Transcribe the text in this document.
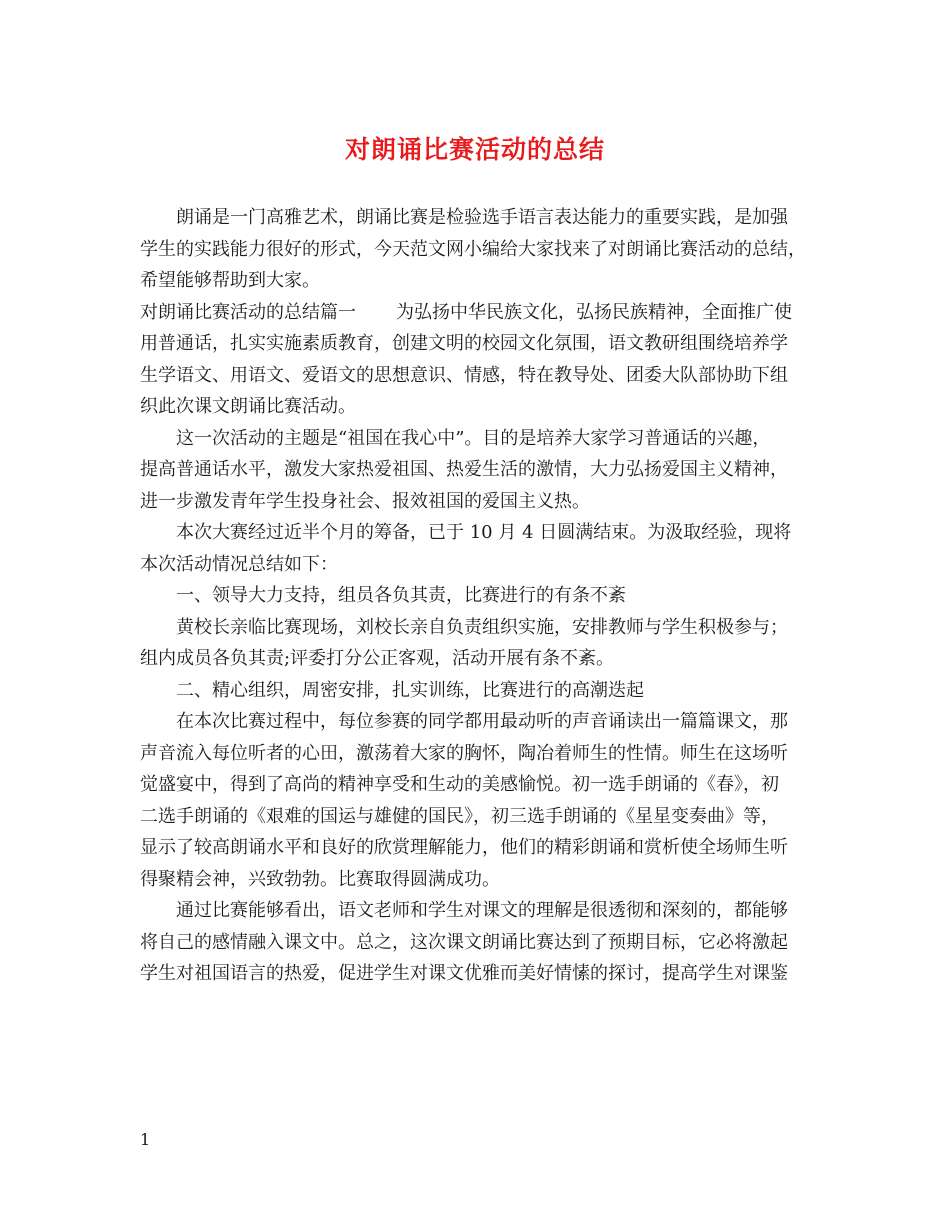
对朗诵比赛活动的总结
朗诵是一门高雅艺术，朗诵比赛是检验选手语言表达能力的重要实践，是加强
学生的实践能力很好的形式，今天范文网小编给大家找来了对朗诵比赛活动的总结，
希望能够帮助到大家。
对朗诵比赛活动的总结篇一 为弘扬中华民族文化，弘扬民族精神，全面推广使
用普通话，扎实实施素质教育，创建文明的校园文化氛围，语文教研组围绕培养学
生学语文、用语文、爱语文的思想意识、情感，特在教导处、团委大队部协助下组
织此次课文朗诵比赛活动。
这一次活动的主题是“祖国在我心中”。目的是培养大家学习普通话的兴趣，
提高普通话水平，激发大家热爱祖国、热爱生活的激情，大力弘扬爱国主义精神，
进一步激发青年学生投身社会、报效祖国的爱国主义热。
本次大赛经过近半个月的筹备，已于 10 月 4 日圆满结束。为汲取经验，现将
本次活动情况总结如下：
一、领导大力支持，组员各负其责，比赛进行的有条不紊
黄校长亲临比赛现场，刘校长亲自负责组织实施，安排教师与学生积极参与；
组内成员各负其责;评委打分公正客观，活动开展有条不紊。
二、精心组织，周密安排，扎实训练，比赛进行的高潮迭起
在本次比赛过程中，每位参赛的同学都用最动听的声音诵读出一篇篇课文，那
声音流入每位听者的心田，激荡着大家的胸怀，陶冶着师生的性情。师生在这场听
觉盛宴中，得到了高尚的精神享受和生动的美感愉悦。初一选手朗诵的《春》，初
二选手朗诵的《艰难的国运与雄健的国民》，初三选手朗诵的《星星变奏曲》等，
显示了较高朗诵水平和良好的欣赏理解能力，他们的精彩朗诵和赏析使全场师生听
得聚精会神，兴致勃勃。比赛取得圆满成功。
通过比赛能够看出，语文老师和学生对课文的理解是很透彻和深刻的，都能够
将自己的感情融入课文中。总之，这次课文朗诵比赛达到了预期目标，它必将激起
学生对祖国语言的热爱，促进学生对课文优雅而美好情愫的探讨，提高学生对课鉴
1
